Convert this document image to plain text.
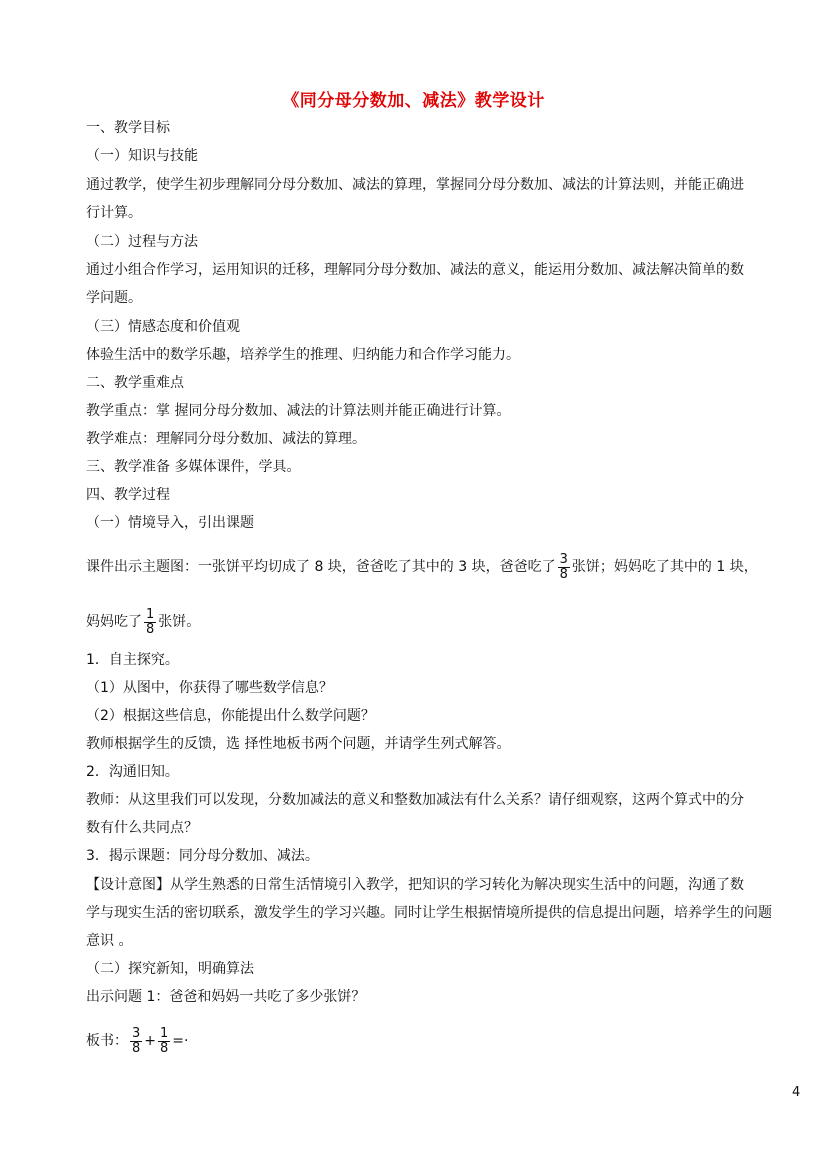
《同分母分数加、减法》教学设计
一、教学目标
（一）知识与技能
通过教学，使学生初步理解同分母分数加、减法的算理，掌握同分母分数加、减法的计算法则，并能正确进
行计算。
（二）过程与方法
通过小组合作学习，运用知识的迁移，理解同分母分数加、减法的意义，能运用分数加、减法解决简单的数
学问题。
（三）情感态度和价值观
体验生活中的数学乐趣，培养学生的推理、归纳能力和合作学习能力。
二、教学重难点
教学重点：掌 握同分母分数加、减法的计算法则并能正确进行计算。
教学难点：理解同分母分数加、减法的算理。
三、教学准备 多媒体课件，学具。
四、教学过程
（一）情境导入，引出课题
课件出示主题图：一张饼平均切成了 8 块，爸爸吃了其中的 3 块，爸爸吃了 $\frac{3}{8}$ 张饼；妈妈吃了其中的 1 块，
妈妈吃了 $\frac{1}{8}$ 张饼。
1．自主探究。
（1）从图中，你获得了哪些数学信息？
（2）根据这些信息，你能提出什么数学问题？
教师根据学生的反馈，选 择性地板书两个问题，并请学生列式解答。
2．沟通旧知。
教师：从这里我们可以发现，分数加减法的意义和整数加减法有什么关系？请仔细观察，这两个算式中的分
数有什么共同点？
3．揭示课题：同分母分数加、减法。
【设计意图】从学生熟悉的日常生活情境引入教学，把知识的学习转化为解决现实生活中的问题，沟通了数
学与现实生活的密切联系，激发学生的学习兴趣。同时让学生根据情境所提供的信息提出问题，培养学生的问题
意识 。
（二）探究新知，明确算法
出示问题 1：爸爸和妈妈一共吃了多少张饼？
板书： $\frac{3}{8} + \frac{1}{8}$ =·
4
